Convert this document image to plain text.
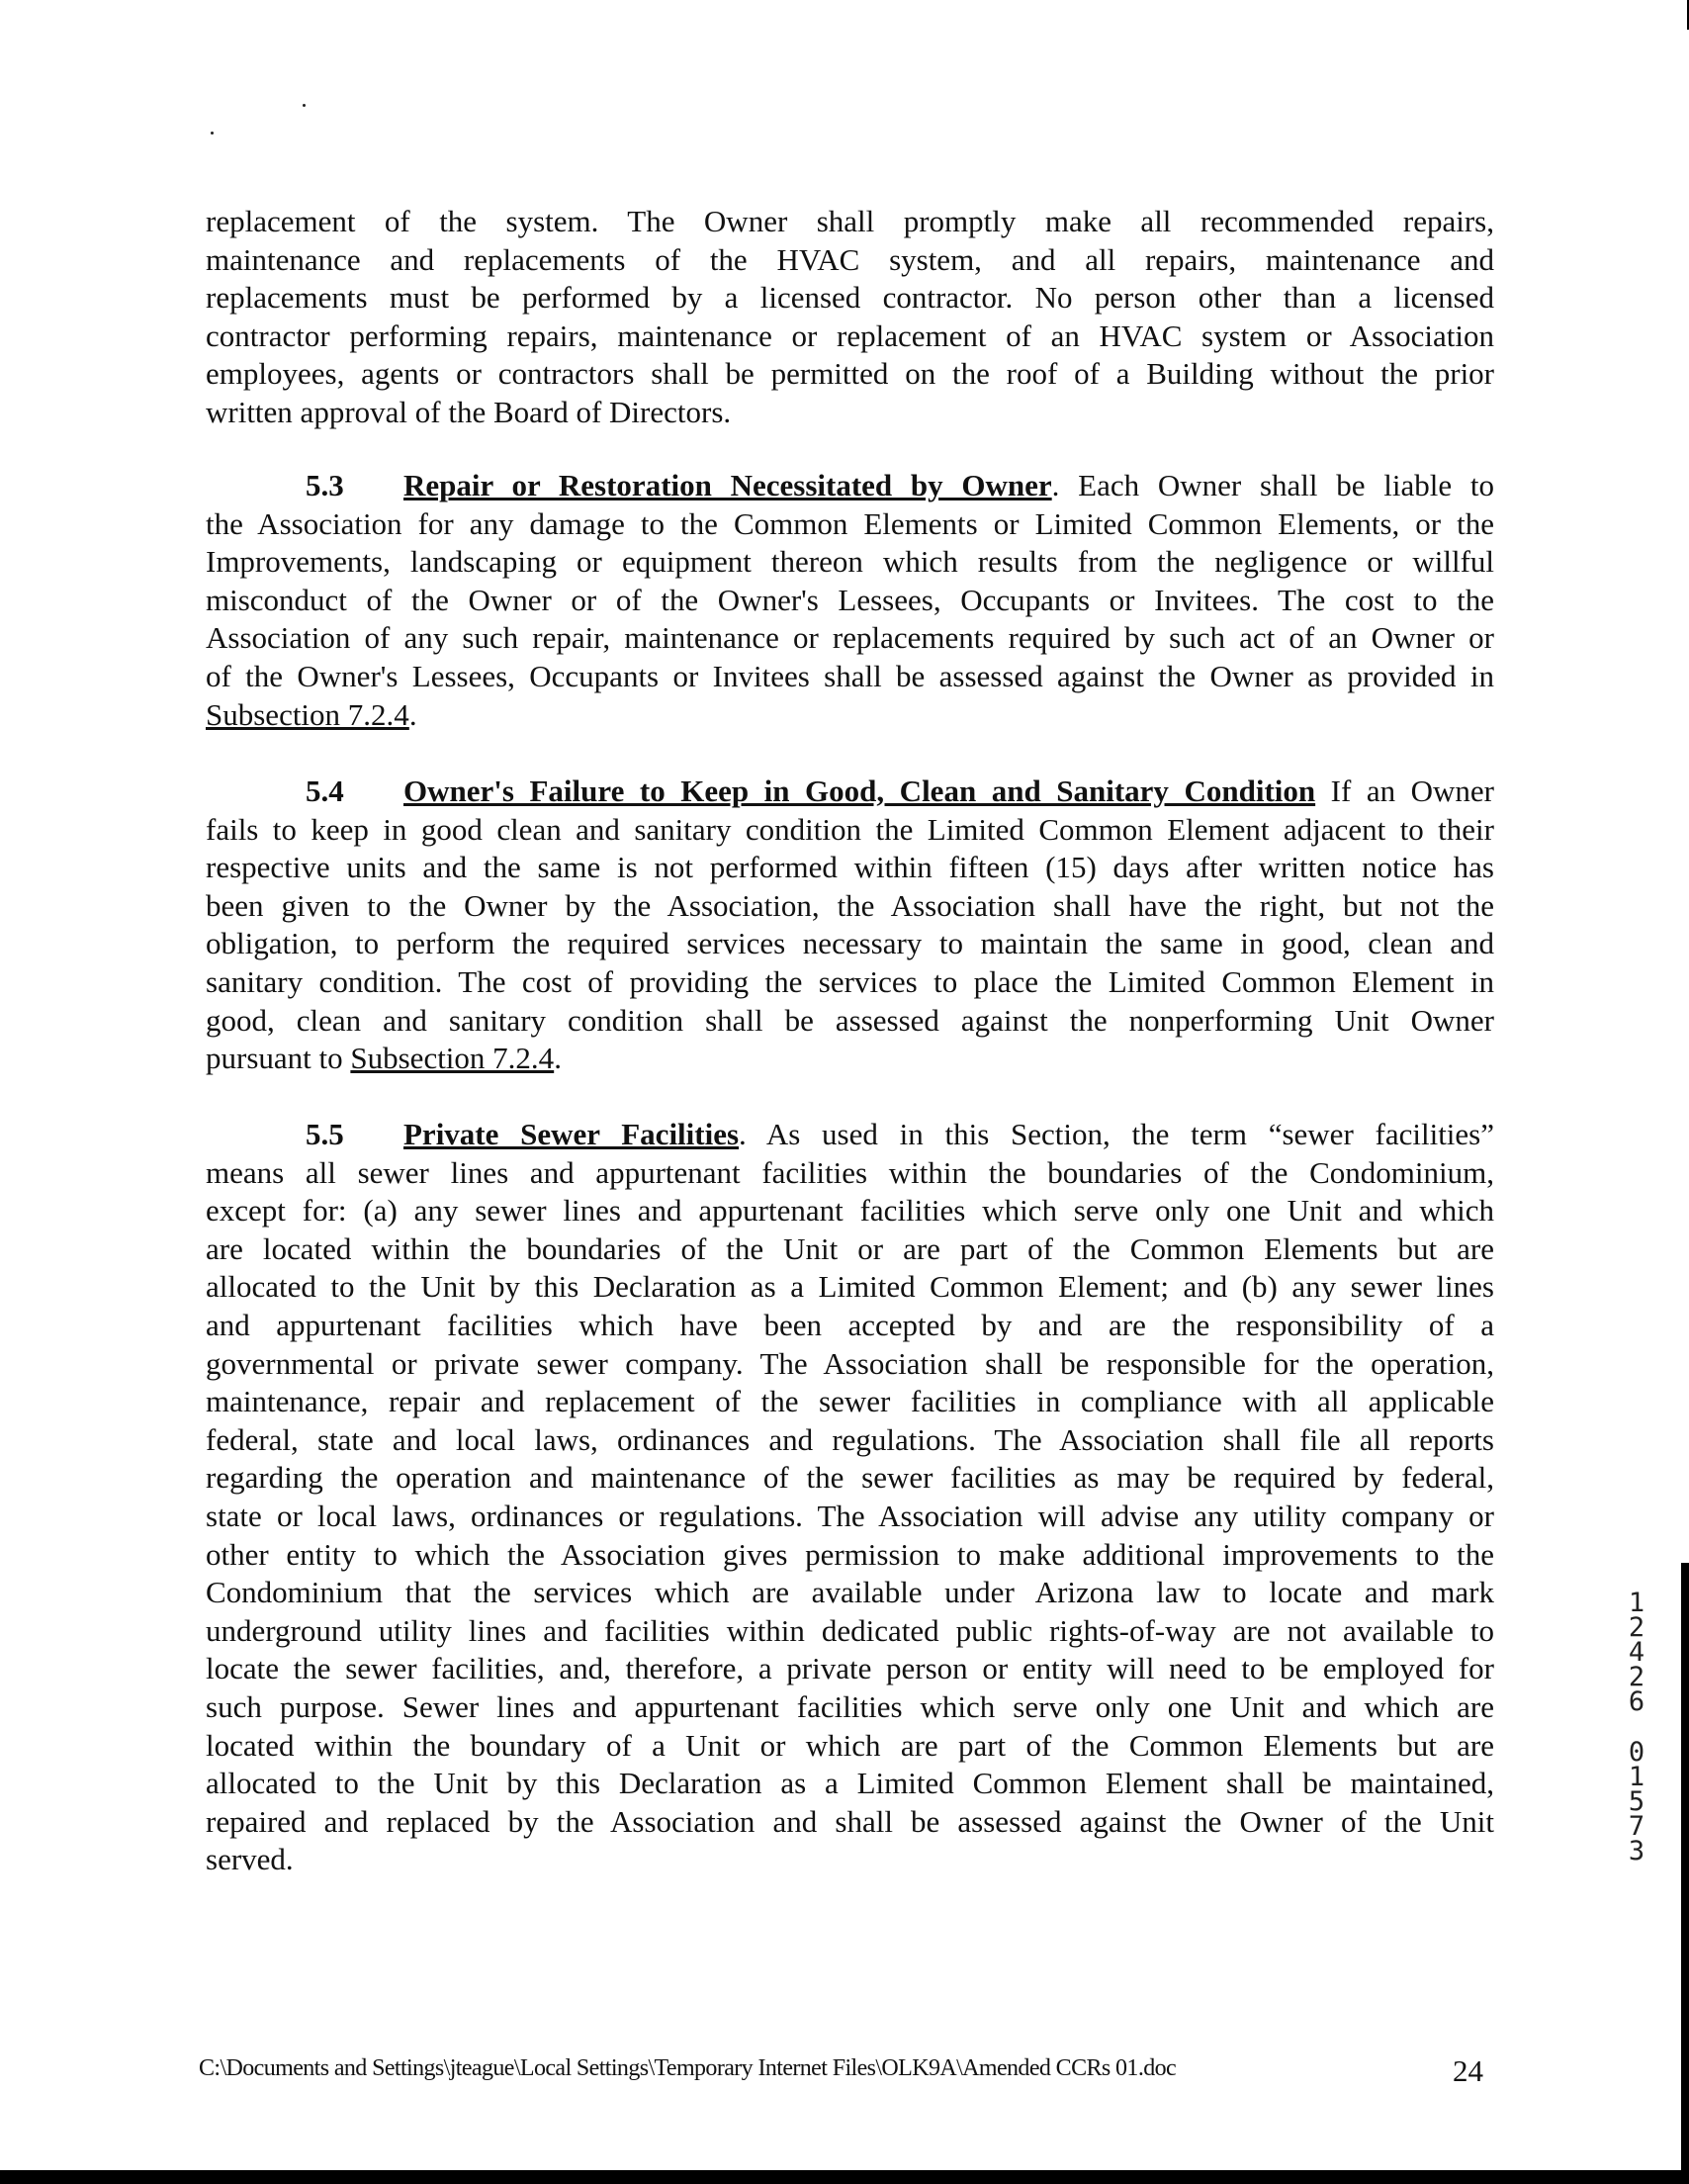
replacement of the system. The Owner shall promptly make all recommended repairs,
maintenance and replacements of the HVAC system, and all repairs, maintenance and
replacements must be performed by a licensed contractor. No person other than a licensed
contractor performing repairs, maintenance or replacement of an HVAC system or Association
employees, agents or contractors shall be permitted on the roof of a Building without the prior
written approval of the Board of Directors.
5.3 Repair or Restoration Necessitated by Owner. Each Owner shall be liable to
the Association for any damage to the Common Elements or Limited Common Elements, or the
Improvements, landscaping or equipment thereon which results from the negligence or willful
misconduct of the Owner or of the Owner's Lessees, Occupants or Invitees. The cost to the
Association of any such repair, maintenance or replacements required by such act of an Owner or
of the Owner's Lessees, Occupants or Invitees shall be assessed against the Owner as provided in
Subsection 7.2.4.
5.4 Owner's Failure to Keep in Good, Clean and Sanitary Condition If an Owner
fails to keep in good clean and sanitary condition the Limited Common Element adjacent to their
respective units and the same is not performed within fifteen (15) days after written notice has
been given to the Owner by the Association, the Association shall have the right, but not the
obligation, to perform the required services necessary to maintain the same in good, clean and
sanitary condition. The cost of providing the services to place the Limited Common Element in
good, clean and sanitary condition shall be assessed against the nonperforming Unit Owner
pursuant to Subsection 7.2.4.
5.5 Private Sewer Facilities. As used in this Section, the term “sewer facilities”
means all sewer lines and appurtenant facilities within the boundaries of the Condominium,
except for: (a) any sewer lines and appurtenant facilities which serve only one Unit and which
are located within the boundaries of the Unit or are part of the Common Elements but are
allocated to the Unit by this Declaration as a Limited Common Element; and (b) any sewer lines
and appurtenant facilities which have been accepted by and are the responsibility of a
governmental or private sewer company. The Association shall be responsible for the operation,
maintenance, repair and replacement of the sewer facilities in compliance with all applicable
federal, state and local laws, ordinances and regulations. The Association shall file all reports
regarding the operation and maintenance of the sewer facilities as may be required by federal,
state or local laws, ordinances or regulations. The Association will advise any utility company or
other entity to which the Association gives permission to make additional improvements to the
Condominium that the services which are available under Arizona law to locate and mark
underground utility lines and facilities within dedicated public rights-of-way are not available to
locate the sewer facilities, and, therefore, a private person or entity will need to be employed for
such purpose. Sewer lines and appurtenant facilities which serve only one Unit and which are
located within the boundary of a Unit or which are part of the Common Elements but are
allocated to the Unit by this Declaration as a Limited Common Element shall be maintained,
repaired and replaced by the Association and shall be assessed against the Owner of the Unit
served.
C:\Documents and Settings\jteague\Local Settings\Temporary Internet Files\OLK9A\Amended CCRs 01.doc	24
1
2
4
2
6
0
1
5
7
3
